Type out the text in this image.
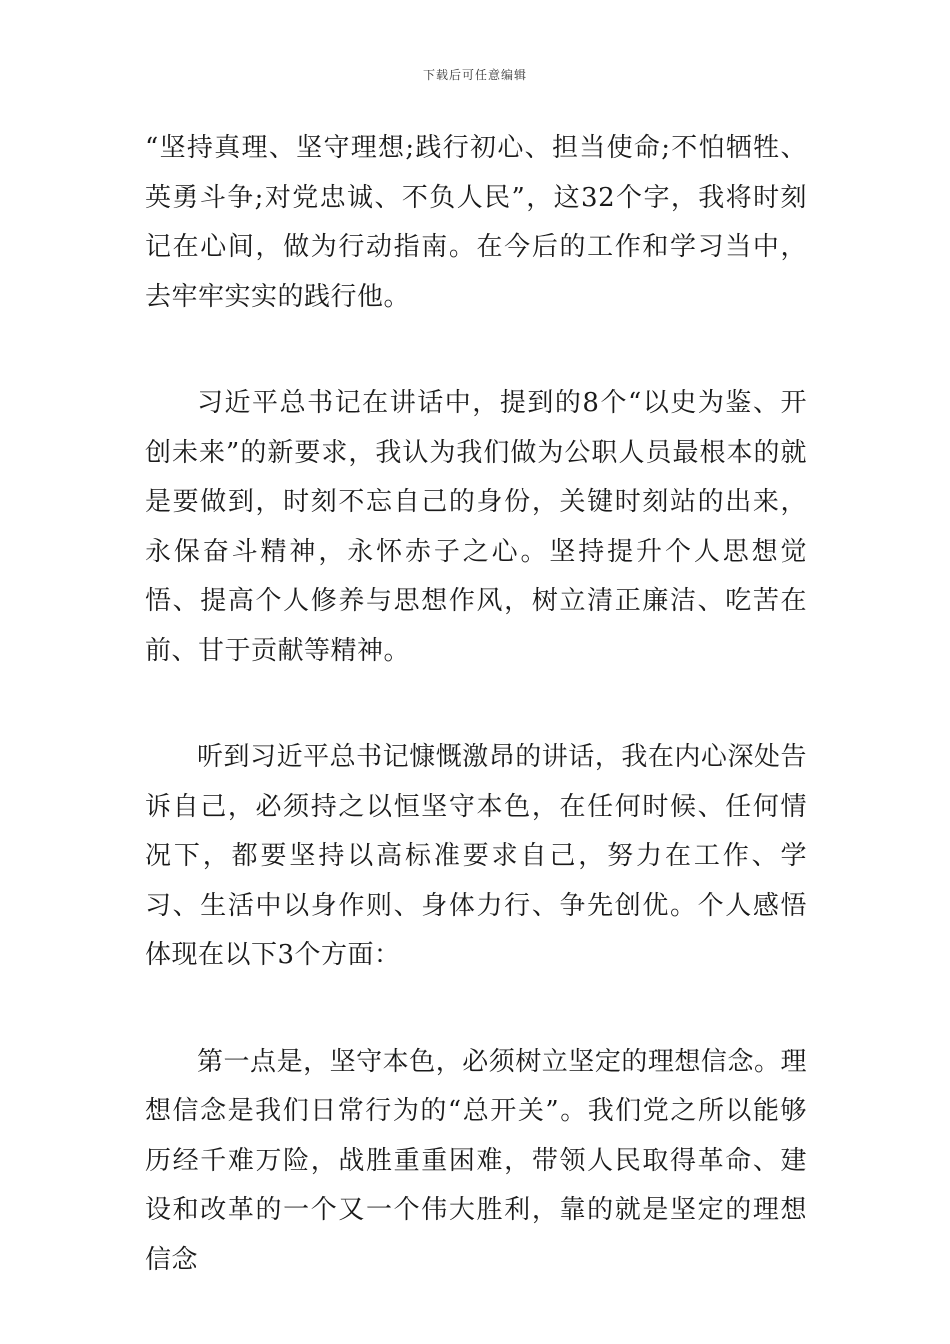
下载后可任意编辑

“坚持真理、坚守理想;践行初心、担当使命;不怕牺牲、英勇斗争;对党忠诚、不负人民”，这32个字，我将时刻记在心间，做为行动指南。在今后的工作和学习当中，去牢牢实实的践行他。

习近平总书记在讲话中，提到的8个“以史为鉴、开创未来”的新要求，我认为我们做为公职人员最根本的就是要做到，时刻不忘自己的身份，关键时刻站的出来，永保奋斗精神，永怀赤子之心。坚持提升个人思想觉悟、提高个人修养与思想作风，树立清正廉洁、吃苦在前、甘于贡献等精神。

听到习近平总书记慷慨激昂的讲话，我在内心深处告诉自己，必须持之以恒坚守本色，在任何时候、任何情况下，都要坚持以高标准要求自己，努力在工作、学习、生活中以身作则、身体力行、争先创优。个人感悟体现在以下3个方面：

第一点是，坚守本色，必须树立坚定的理想信念。理想信念是我们日常行为的“总开关”。我们党之所以能够历经千难万险，战胜重重困难，带领人民取得革命、建设和改革的一个又一个伟大胜利，靠的就是坚定的理想信念
